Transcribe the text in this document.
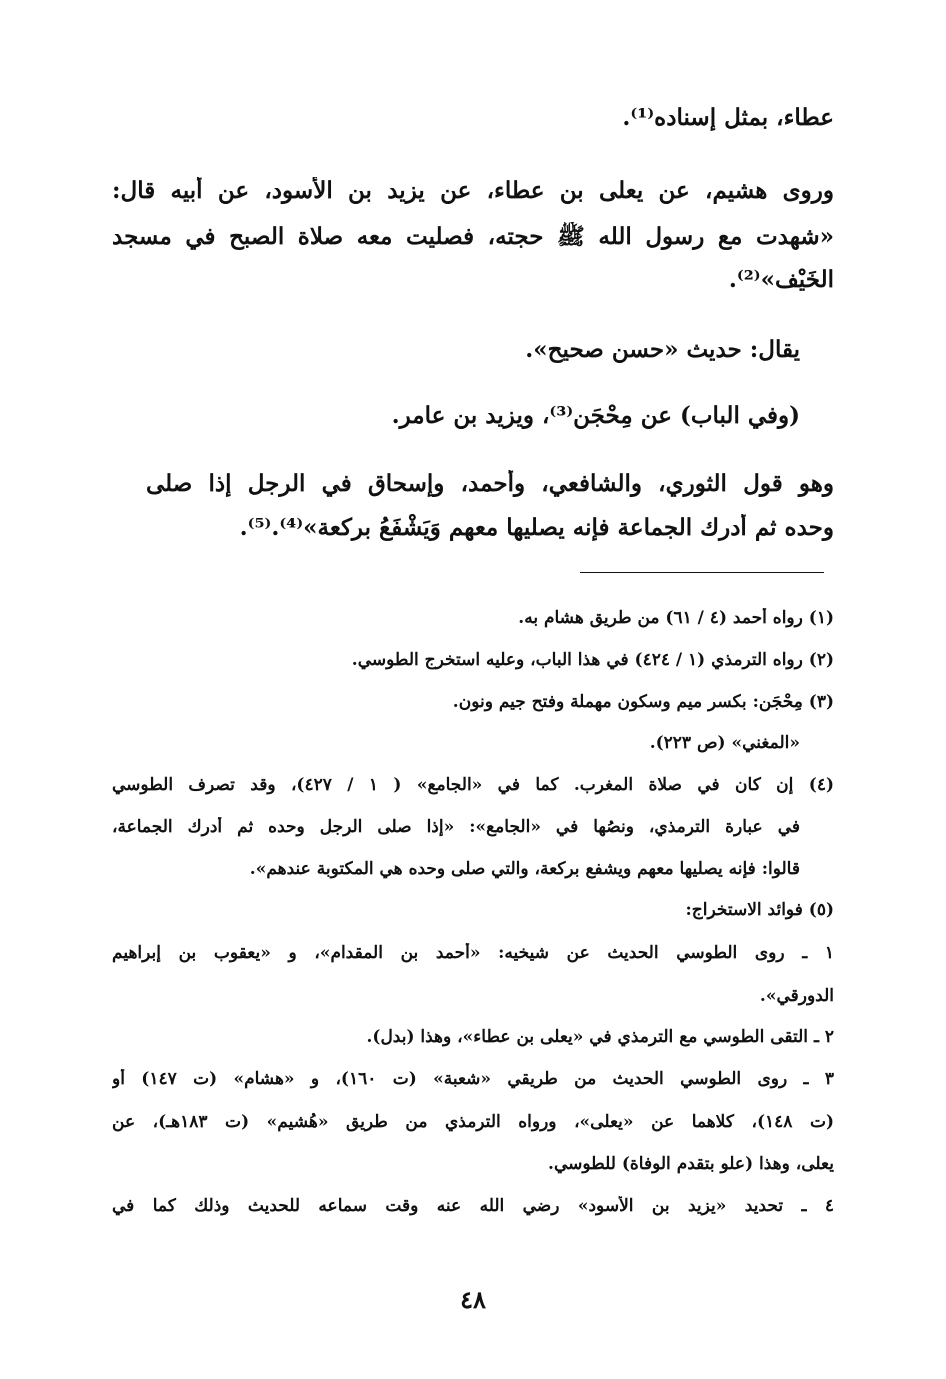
عطاء، بمثل إسناده⁽¹⁾.
وروى هشيم، عن يعلى بن عطاء، عن يزيد بن الأسود، عن أبيه قال:
«شهدت مع رسول الله ﷺ حجته، فصليت معه صلاة الصبح في مسجد
الخَيْف»⁽²⁾.
يقال: حديث «حسن صحيح».
(وفي الباب) عن مِحْجَن⁽³⁾، ويزيد بن عامر.
وهو قول الثوري، والشافعي، وأحمد، وإسحاق في الرجل إذا صلى
وحده ثم أدرك الجماعة فإنه يصليها معهم وَيَشْفَعُ بركعة»⁽⁴⁾.⁽⁵⁾.
(١) رواه أحمد (٤ / ٦١) من طريق هشام به.
(٢) رواه الترمذي (١ / ٤٢٤) في هذا الباب، وعليه استخرج الطوسي.
(٣) مِحْجَن: بكسر ميم وسكون مهملة وفتح جيم ونون.
«المغني» (ص ٢٢٣).
(٤) إن كان في صلاة المغرب. كما في «الجامع» ( ١ / ٤٢٧)، وقد تصرف الطوسي
في عبارة الترمذي، ونصُها في «الجامع»: «إذا صلى الرجل وحده ثم أدرك الجماعة،
قالوا: فإنه يصليها معهم ويشفع بركعة، والتي صلى وحده هي المكتوبة عندهم».
(٥) فوائد الاستخراج:
١ ـ روى الطوسي الحديث عن شيخيه: «أحمد بن المقدام»، و «يعقوب بن إبراهيم
الدورقي».
٢ ـ التقى الطوسي مع الترمذي في «يعلى بن عطاء»، وهذا (بدل).
٣ ـ روى الطوسي الحديث من طريقي «شعبة» (ت ١٦٠)، و «هشام» (ت ١٤٧) أو
(ت ١٤٨)، كلاهما عن «يعلى»، ورواه الترمذي من طريق «هُشيم» (ت ١٨٣هـ)، عن
يعلى، وهذا (علو بتقدم الوفاة) للطوسي.
٤ ـ تحديد «يزيد بن الأسود» رضي الله عنه وقت سماعه للحديث وذلك كما في
٤٨
